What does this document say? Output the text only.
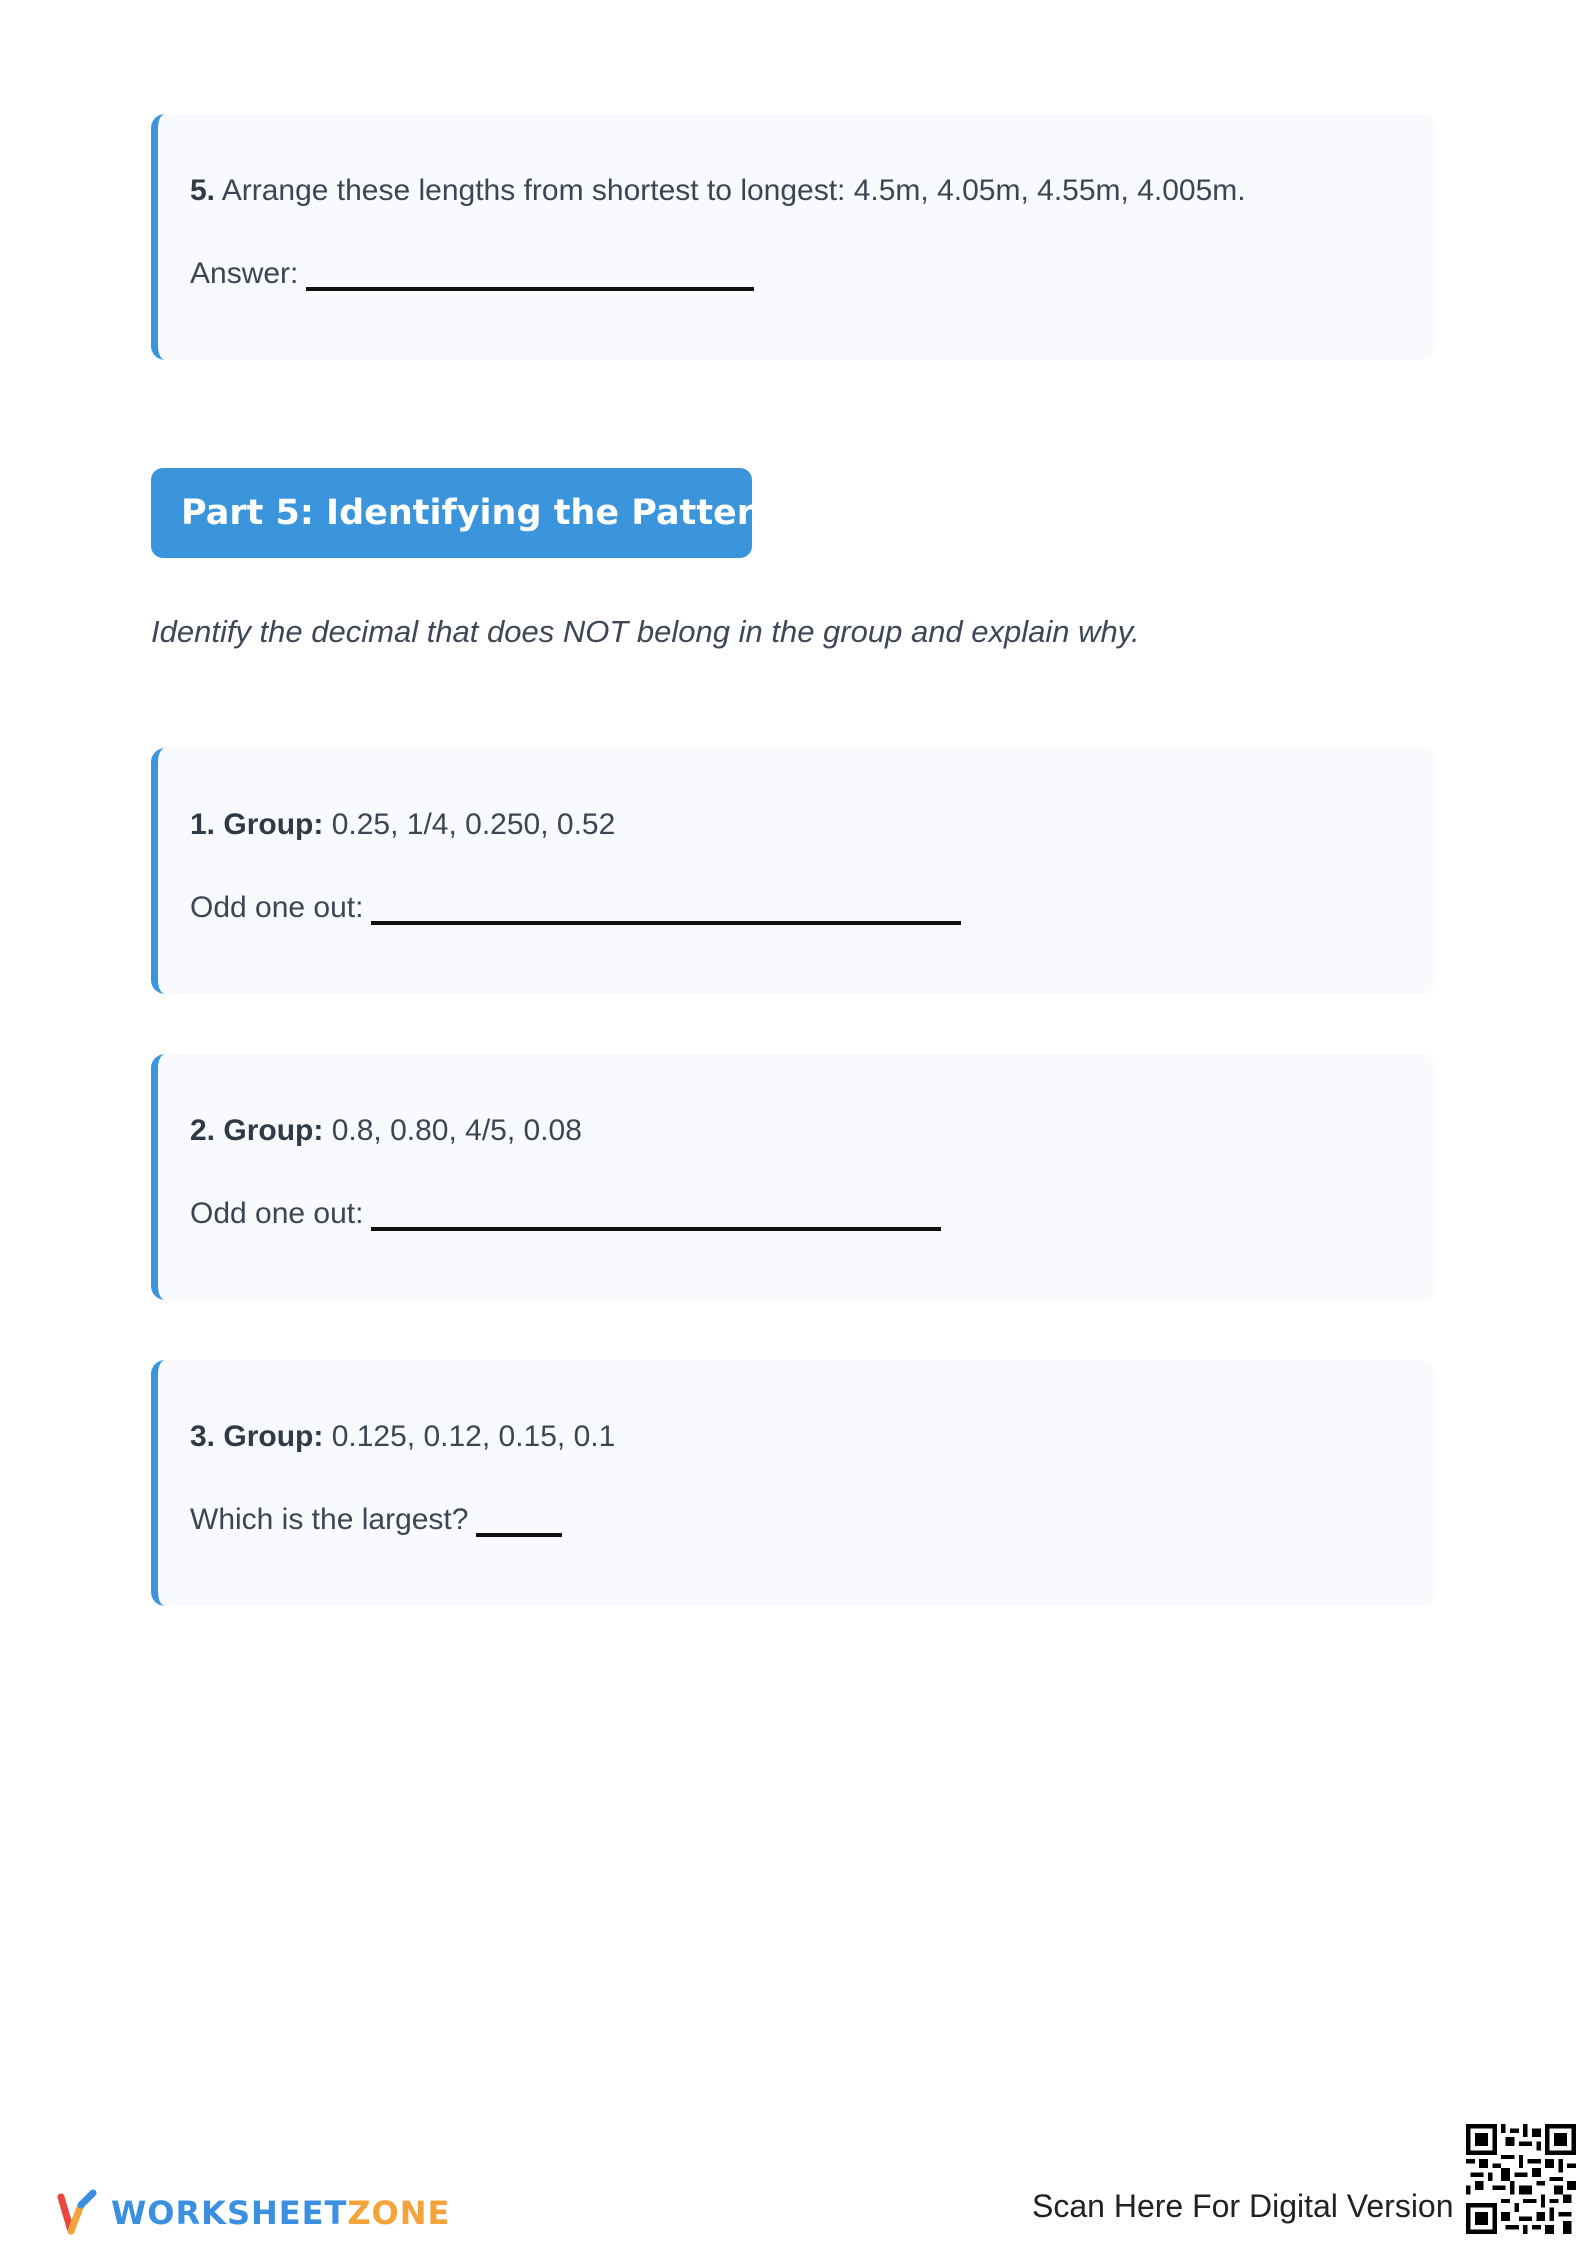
5. Arrange these lengths from shortest to longest: 4.5m, 4.05m, 4.55m, 4.005m.
Answer:
Part 5: Identifying the Pattern
Identify the decimal that does NOT belong in the group and explain why.
1. Group: 0.25, 1/4, 0.250, 0.52
Odd one out:
2. Group: 0.8, 0.80, 4/5, 0.08
Odd one out:
3. Group: 0.125, 0.12, 0.15, 0.1
Which is the largest?
WORKSHEETZONE	Scan Here For Digital Version
